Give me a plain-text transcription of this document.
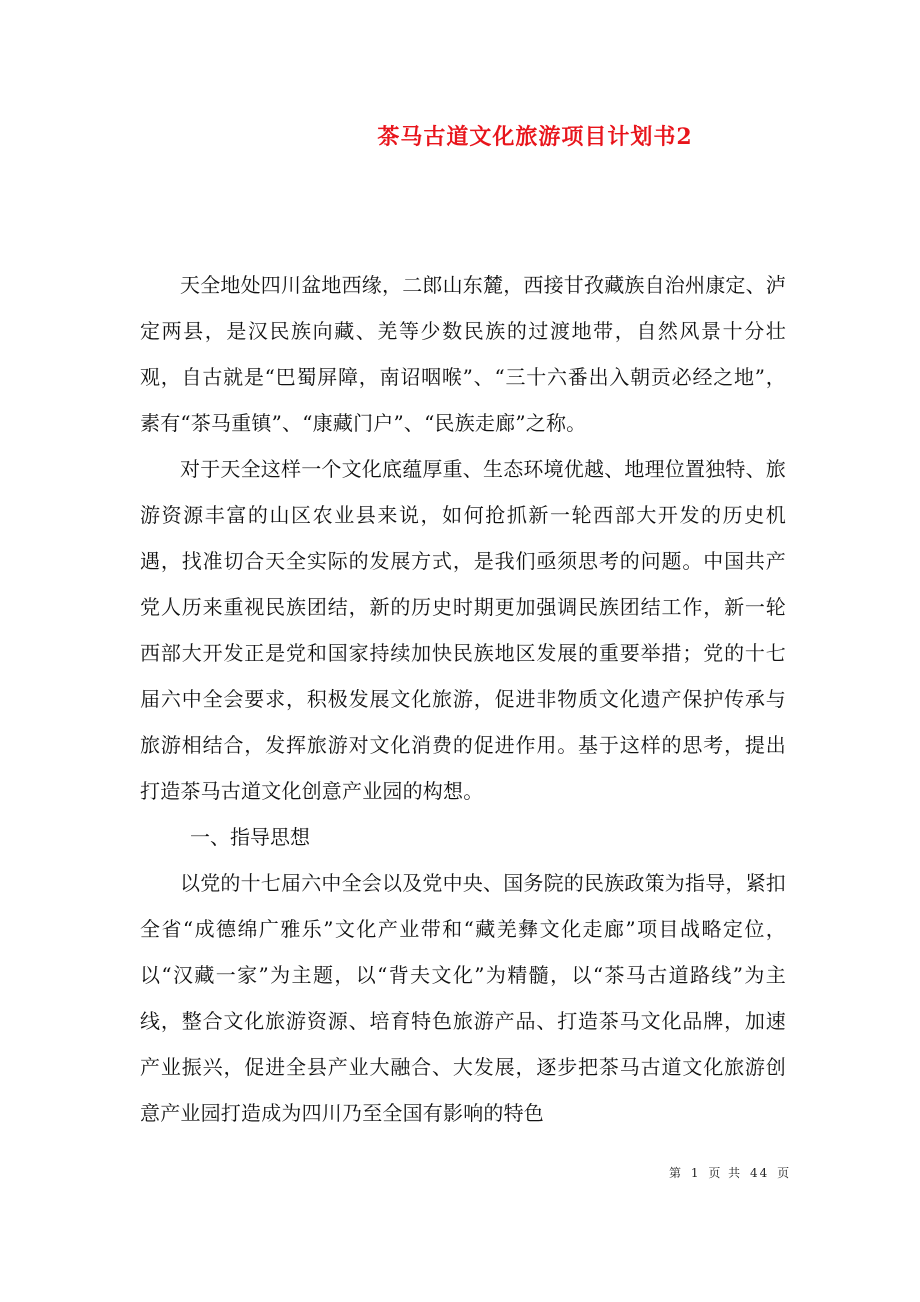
茶马古道文化旅游项目计划书2

天全地处四川盆地西缘，二郎山东麓，西接甘孜藏族自治州康定、泸定两县，是汉民族向藏、羌等少数民族的过渡地带，自然风景十分壮观，自古就是“巴蜀屏障，南诏咽喉”、“三十六番出入朝贡必经之地”，素有“茶马重镇”、“康藏门户”、“民族走廊”之称。

对于天全这样一个文化底蕴厚重、生态环境优越、地理位置独特、旅游资源丰富的山区农业县来说，如何抢抓新一轮西部大开发的历史机遇，找准切合天全实际的发展方式，是我们亟须思考的问题。中国共产党人历来重视民族团结，新的历史时期更加强调民族团结工作，新一轮西部大开发正是党和国家持续加快民族地区发展的重要举措；党的十七届六中全会要求，积极发展文化旅游，促进非物质文化遗产保护传承与旅游相结合，发挥旅游对文化消费的促进作用。基于这样的思考，提出打造茶马古道文化创意产业园的构想。

一、指导思想

以党的十七届六中全会以及党中央、国务院的民族政策为指导，紧扣全省“成德绵广雅乐”文化产业带和“藏羌彝文化走廊”项目战略定位，以“汉藏一家”为主题，以“背夫文化”为精髓，以“茶马古道路线”为主线，整合文化旅游资源、培育特色旅游产品、打造茶马文化品牌，加速产业振兴，促进全县产业大融合、大发展，逐步把茶马古道文化旅游创意产业园打造成为四川乃至全国有影响的特色

第 1 页 共 44 页
